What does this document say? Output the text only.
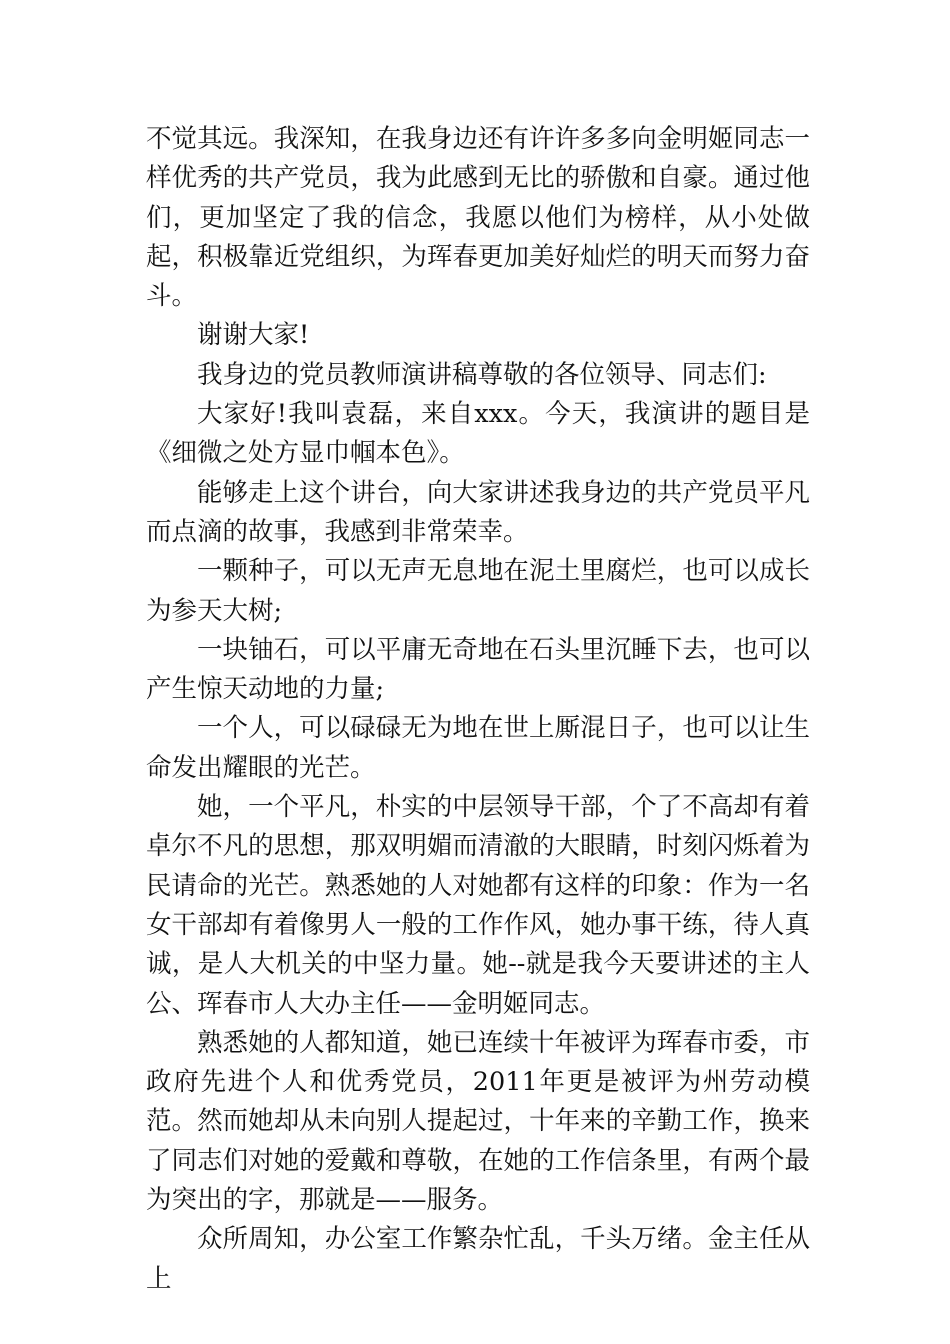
不觉其远。我深知，在我身边还有许许多多向金明姬同志一样优秀的共产党员，我为此感到无比的骄傲和自豪。通过他们，更加坚定了我的信念，我愿以他们为榜样，从小处做起，积极靠近党组织，为珲春更加美好灿烂的明天而努力奋斗。

谢谢大家!

我身边的党员教师演讲稿尊敬的各位领导、同志们:

大家好!我叫袁磊，来自xxx。今天，我演讲的题目是《细微之处方显巾帼本色》。

能够走上这个讲台，向大家讲述我身边的共产党员平凡而点滴的故事，我感到非常荣幸。

一颗种子，可以无声无息地在泥土里腐烂，也可以成长为参天大树;

一块铀石，可以平庸无奇地在石头里沉睡下去，也可以产生惊天动地的力量;

一个人，可以碌碌无为地在世上厮混日子，也可以让生命发出耀眼的光芒。

她，一个平凡，朴实的中层领导干部，个了不高却有着卓尔不凡的思想，那双明媚而清澈的大眼睛，时刻闪烁着为民请命的光芒。熟悉她的人对她都有这样的印象：作为一名女干部却有着像男人一般的工作作风，她办事干练，待人真诚，是人大机关的中坚力量。她--就是我今天要讲述的主人公、珲春市人大办主任——金明姬同志。

熟悉她的人都知道，她已连续十年被评为珲春市委，市政府先进个人和优秀党员，2011年更是被评为州劳动模范。然而她却从未向别人提起过，十年来的辛勤工作，换来了同志们对她的爱戴和尊敬，在她的工作信条里，有两个最为突出的字，那就是——服务。

众所周知，办公室工作繁杂忙乱，千头万绪。金主任从上
